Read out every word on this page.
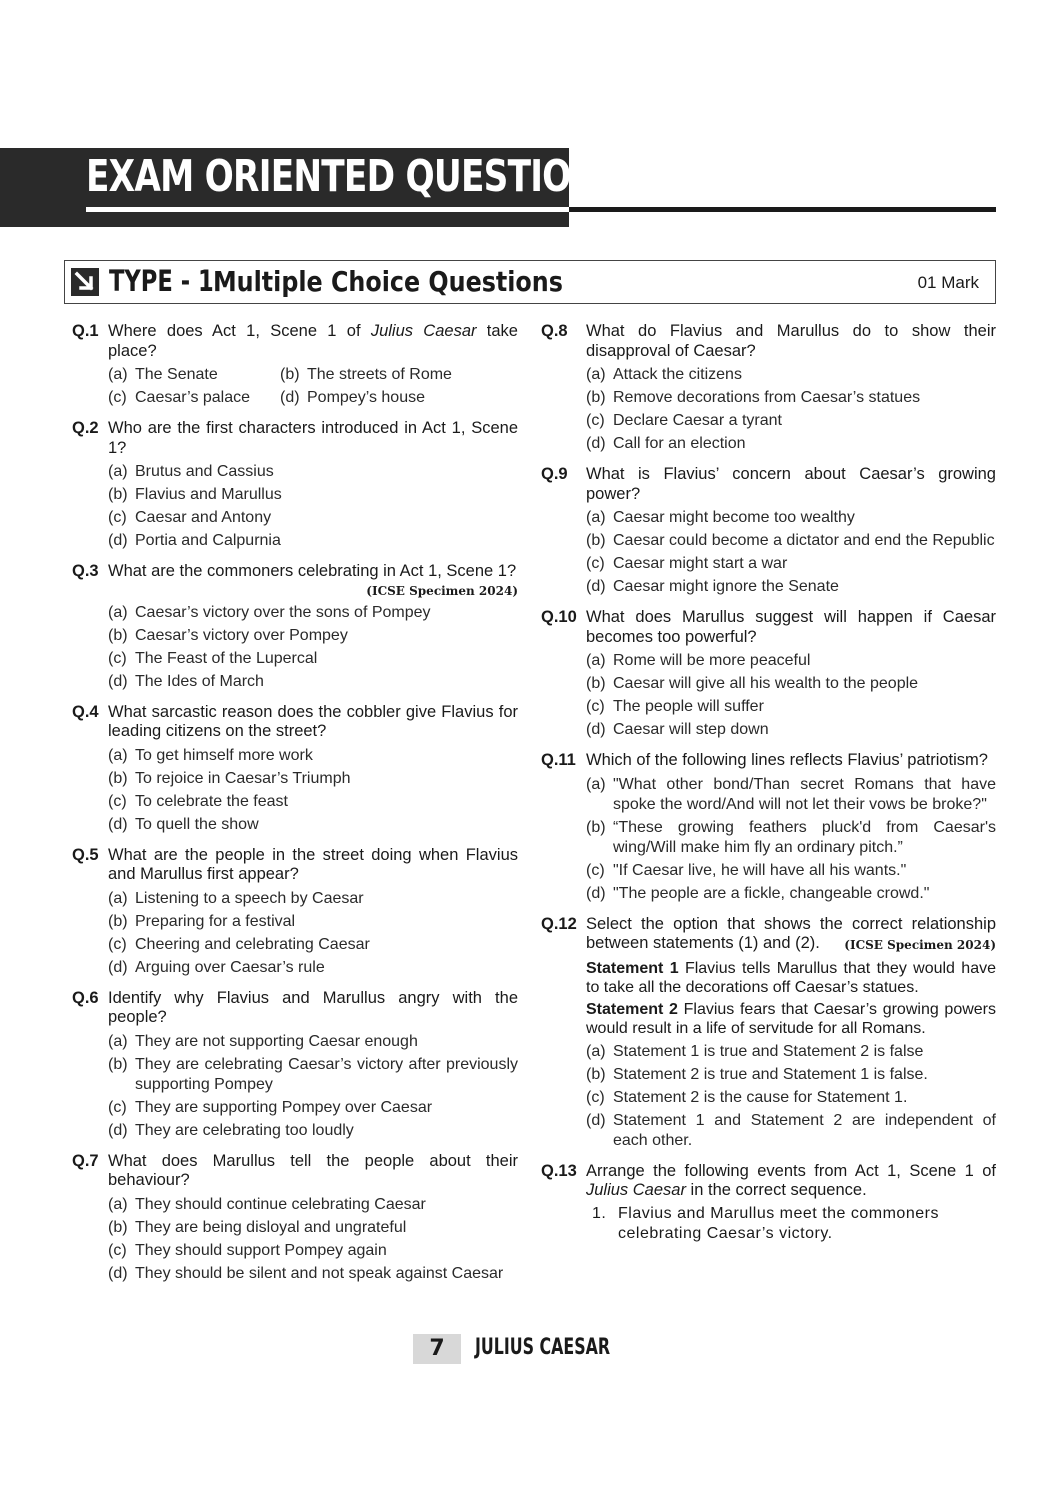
EXAM ORIENTED QUESTIONS
TYPE - 1 Multiple Choice Questions	01 Mark
Q.1 Where does Act 1, Scene 1 of Julius Caesar take place?
(a) The Senate	(b) The streets of Rome
(c) Caesar’s palace	(d) Pompey’s house
Q.2 Who are the first characters introduced in Act 1, Scene 1?
(a) Brutus and Cassius
(b) Flavius and Marullus
(c) Caesar and Antony
(d) Portia and Calpurnia
Q.3 What are the commoners celebrating in Act 1, Scene 1?
(ICSE Specimen 2024)
(a) Caesar’s victory over the sons of Pompey
(b) Caesar’s victory over Pompey
(c) The Feast of the Lupercal
(d) The Ides of March
Q.4 What sarcastic reason does the cobbler give Flavius for leading citizens on the street?
(a) To get himself more work
(b) To rejoice in Caesar’s Triumph
(c) To celebrate the feast
(d) To quell the show
Q.5 What are the people in the street doing when Flavius and Marullus first appear?
(a) Listening to a speech by Caesar
(b) Preparing for a festival
(c) Cheering and celebrating Caesar
(d) Arguing over Caesar’s rule
Q.6 Identify why Flavius and Marullus angry with the people?
(a) They are not supporting Caesar enough
(b) They are celebrating Caesar’s victory after previously supporting Pompey
(c) They are supporting Pompey over Caesar
(d) They are celebrating too loudly
Q.7 What does Marullus tell the people about their behaviour?
(a) They should continue celebrating Caesar
(b) They are being disloyal and ungrateful
(c) They should support Pompey again
(d) They should be silent and not speak against Caesar
Q.8	What do Flavius and Marullus do to show their disapproval of Caesar?
(a) Attack the citizens
(b) Remove decorations from Caesar’s statues
(c) Declare Caesar a tyrant
(d) Call for an election
Q.9	What is Flavius’ concern about Caesar’s growing power?
(a) Caesar might become too wealthy
(b) Caesar could become a dictator and end the Republic
(c) Caesar might start a war
(d) Caesar might ignore the Senate
Q.10 What does Marullus suggest will happen if Caesar becomes too powerful?
(a) Rome will be more peaceful
(b) Caesar will give all his wealth to the people
(c) The people will suffer
(d) Caesar will step down
Q.11 Which of the following lines reflects Flavius’ patriotism?
(a) "What other bond/Than secret Romans that have spoke the word/And will not let their vows be broke?"
(b) “These growing feathers pluck'd from Caesar's wing/Will make him fly an ordinary pitch.”
(c) "If Caesar live, he will have all his wants."
(d) "The people are a fickle, changeable crowd."
Q.12 Select the option that shows the correct relationship between statements (1) and (2). (ICSE Specimen 2024)
Statement 1 Flavius tells Marullus that they would have to take all the decorations off Caesar’s statues.
Statement 2 Flavius fears that Caesar’s growing powers would result in a life of servitude for all Romans.
(a) Statement 1 is true and Statement 2 is false
(b) Statement 2 is true and Statement 1 is false.
(c) Statement 2 is the cause for Statement 1.
(d) Statement 1 and Statement 2 are independent of each other.
Q.13 Arrange the following events from Act 1, Scene 1 of Julius Caesar in the correct sequence.
1. Flavius and Marullus meet the commoners celebrating Caesar’s victory.
7	JULIUS CAESAR
